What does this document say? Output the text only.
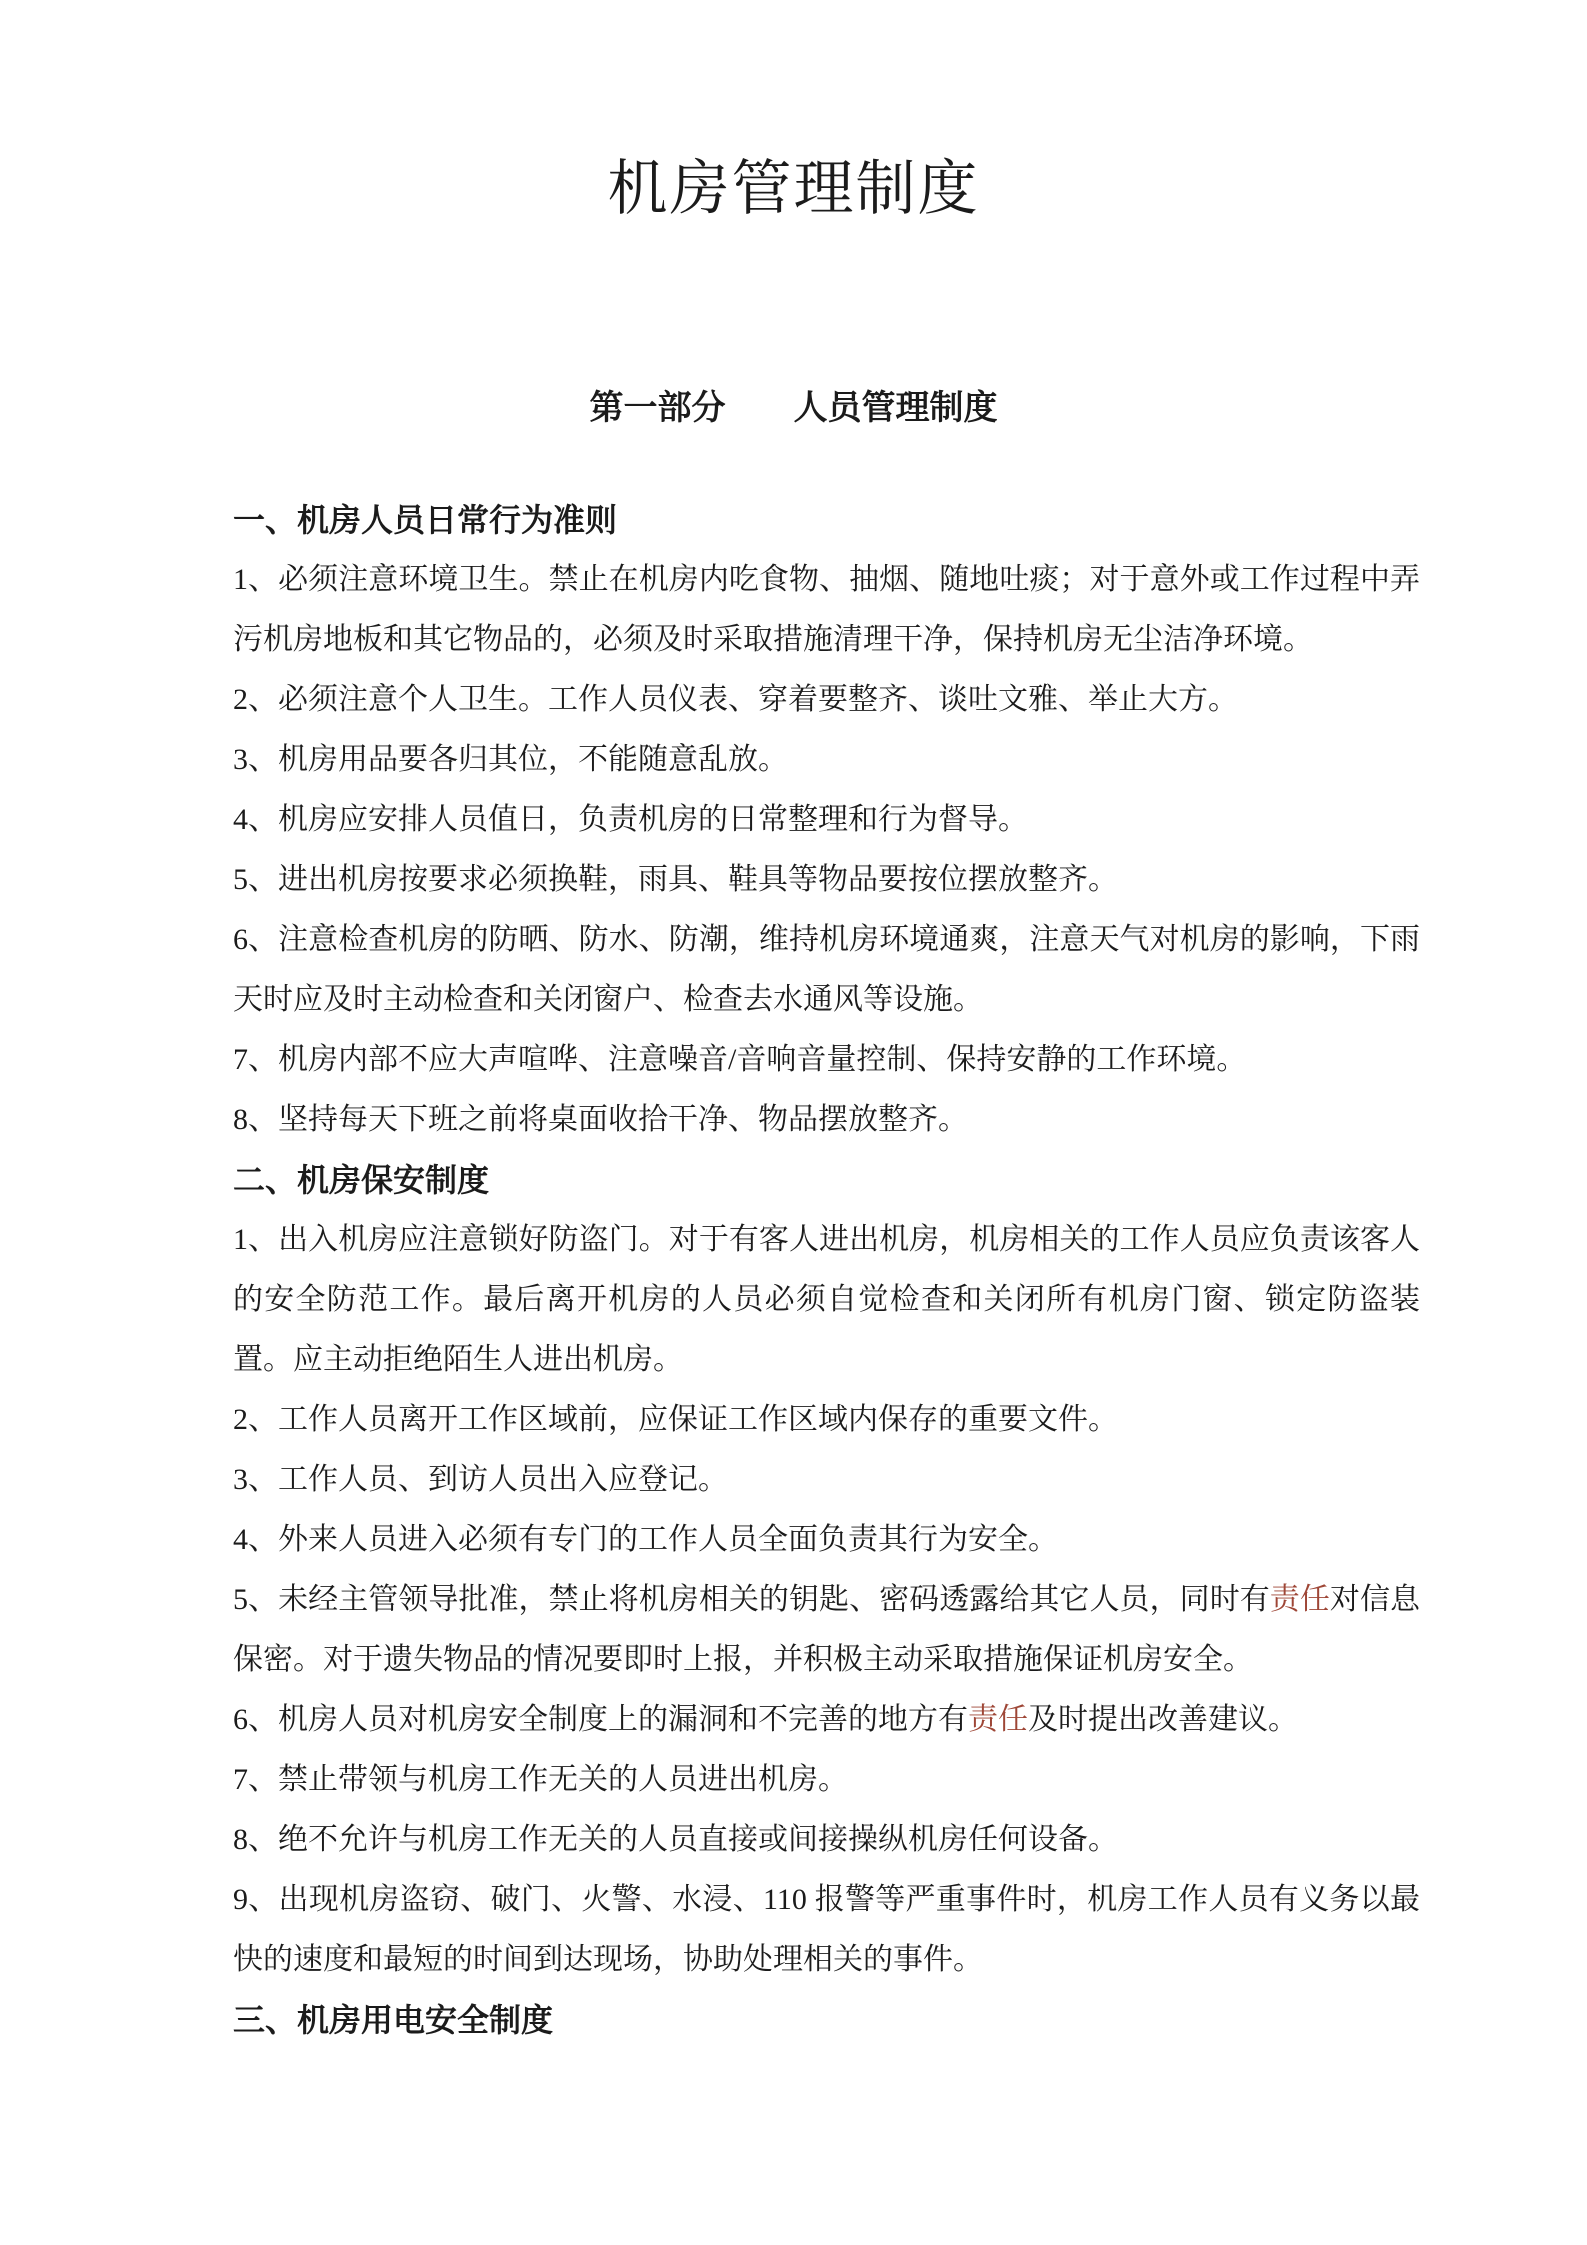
机房管理制度
第一部分　　人员管理制度

一、机房人员日常行为准则

1、必须注意环境卫生。禁止在机房内吃食物、抽烟、随地吐痰；对于意外或工作过程中弄污机房地板和其它物品的，必须及时采取措施清理干净，保持机房无尘洁净环境。

2、必须注意个人卫生。工作人员仪表、穿着要整齐、谈吐文雅、举止大方。

3、机房用品要各归其位，不能随意乱放。

4、机房应安排人员值日，负责机房的日常整理和行为督导。

5、进出机房按要求必须换鞋，雨具、鞋具等物品要按位摆放整齐。

6、注意检查机房的防晒、防水、防潮，维持机房环境通爽，注意天气对机房的影响，下雨天时应及时主动检查和关闭窗户、检查去水通风等设施。

7、机房内部不应大声喧哗、注意噪音/音响音量控制、保持安静的工作环境。

8、坚持每天下班之前将桌面收拾干净、物品摆放整齐。

二、机房保安制度

1、出入机房应注意锁好防盗门。对于有客人进出机房，机房相关的工作人员应负责该客人的安全防范工作。最后离开机房的人员必须自觉检查和关闭所有机房门窗、锁定防盗装置。应主动拒绝陌生人进出机房。

2、工作人员离开工作区域前，应保证工作区域内保存的重要文件。

3、工作人员、到访人员出入应登记。

4、外来人员进入必须有专门的工作人员全面负责其行为安全。

5、未经主管领导批准，禁止将机房相关的钥匙、密码透露给其它人员，同时有责任对信息保密。对于遗失物品的情况要即时上报，并积极主动采取措施保证机房安全。

6、机房人员对机房安全制度上的漏洞和不完善的地方有责任及时提出改善建议。

7、禁止带领与机房工作无关的人员进出机房。

8、绝不允许与机房工作无关的人员直接或间接操纵机房任何设备。

9、出现机房盗窃、破门、火警、水浸、110 报警等严重事件时，机房工作人员有义务以最快的速度和最短的时间到达现场，协助处理相关的事件。

三、机房用电安全制度
